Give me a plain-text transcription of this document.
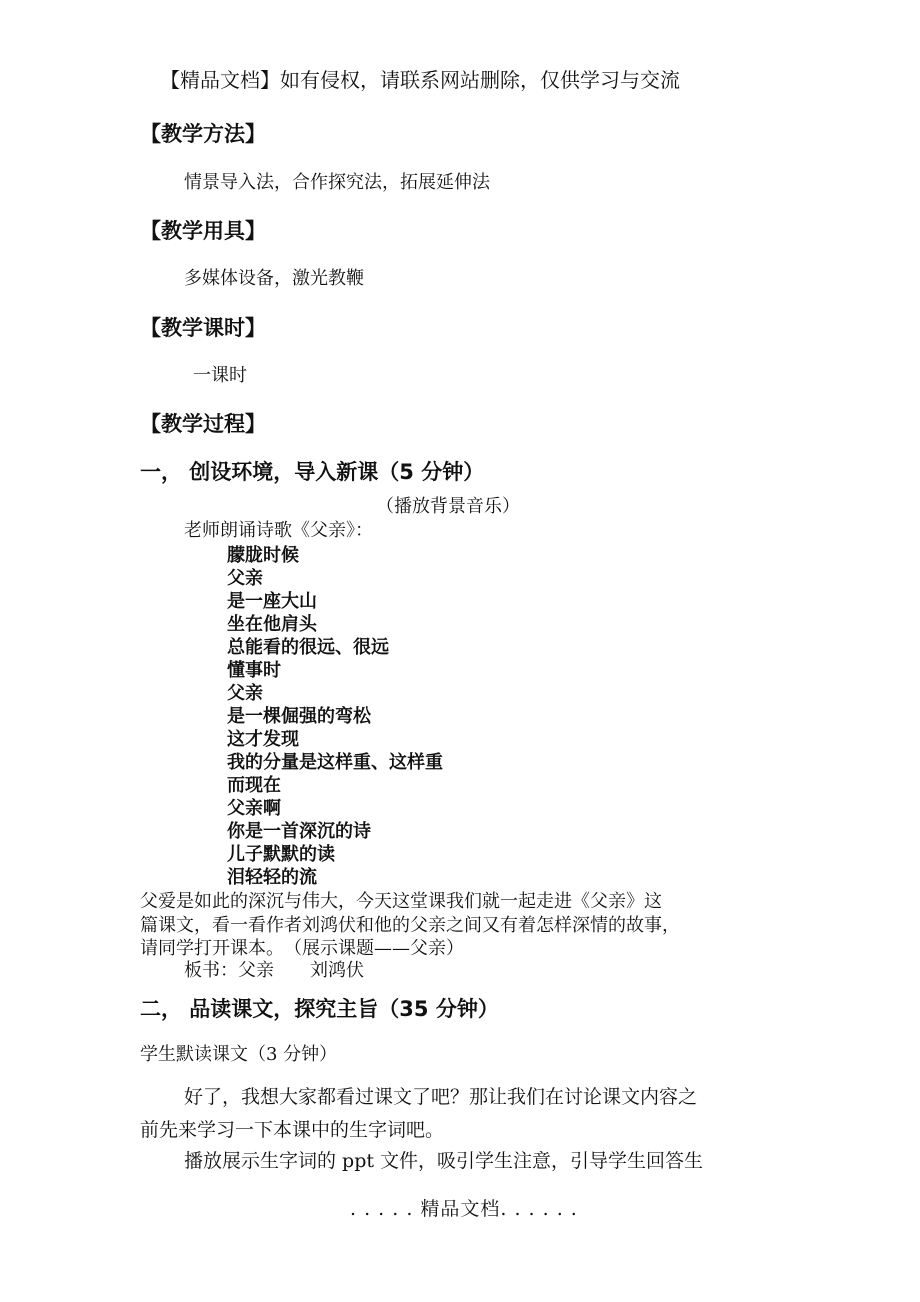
【精品文档】如有侵权，请联系网站删除，仅供学习与交流
【教学方法】
情景导入法，合作探究法，拓展延伸法
【教学用具】
多媒体设备，激光教鞭
【教学课时】
一课时
【教学过程】
一， 创设环境，导入新课（5 分钟）
（播放背景音乐）
老师朗诵诗歌《父亲》：
朦胧时候
父亲
是一座大山
坐在他肩头
总能看的很远、很远
懂事时
父亲
是一棵倔强的弯松
这才发现
我的分量是这样重、这样重
而现在
父亲啊
你是一首深沉的诗
儿子默默的读
泪轻轻的流
父爱是如此的深沉与伟大，今天这堂课我们就一起走进《父亲》这
篇课文，看一看作者刘鸿伏和他的父亲之间又有着怎样深情的故事，
请同学打开课本。　（展示课题——父亲）
板书：父亲　　刘鸿伏
二， 品读课文，探究主旨（35 分钟）
学生默读课文（3 分钟）
好了，我想大家都看过课文了吧？那让我们在讨论课文内容之
前先来学习一下本课中的生字词吧。
播放展示生字词的 ppt 文件，吸引学生注意，引导学生回答生
. . . . . 精品文档. . . . . .
